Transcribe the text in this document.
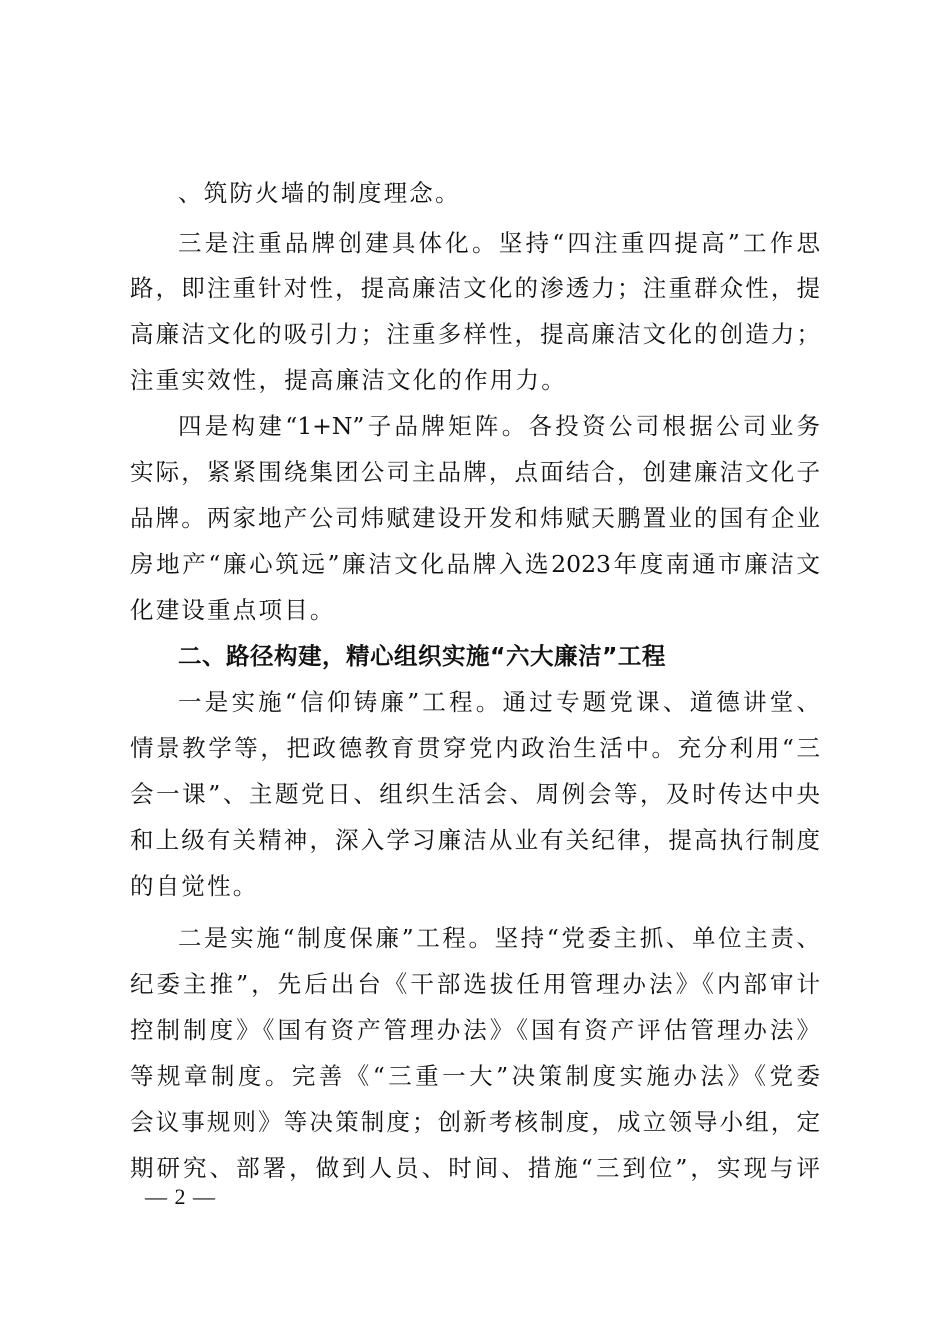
、筑防火墙的制度理念。
三是注重品牌创建具体化。坚持“四注重四提高”工作思
路，即注重针对性，提高廉洁文化的渗透力；注重群众性，提
高廉洁文化的吸引力；注重多样性，提高廉洁文化的创造力；
注重实效性，提高廉洁文化的作用力。
四是构建“1+N”子品牌矩阵。各投资公司根据公司业务
实际，紧紧围绕集团公司主品牌，点面结合，创建廉洁文化子
品牌。两家地产公司炜赋建设开发和炜赋天鹏置业的国有企业
房地产“廉心筑远”廉洁文化品牌入选2023年度南通市廉洁文
化建设重点项目。
二、路径构建，精心组织实施“六大廉洁”工程
一是实施“信仰铸廉”工程。通过专题党课、道德讲堂、
情景教学等，把政德教育贯穿党内政治生活中。充分利用“三
会一课”、主题党日、组织生活会、周例会等，及时传达中央
和上级有关精神，深入学习廉洁从业有关纪律，提高执行制度
的自觉性。
二是实施“制度保廉”工程。坚持“党委主抓、单位主责、
纪委主推”，先后出台《干部选拔任用管理办法》《内部审计
控制制度》《国有资产管理办法》《国有资产评估管理办法》
等规章制度。完善《“三重一大”决策制度实施办法》《党委
会议事规则》等决策制度；创新考核制度，成立领导小组，定
期研究、部署，做到人员、时间、措施“三到位”，实现与评
— 2 —
